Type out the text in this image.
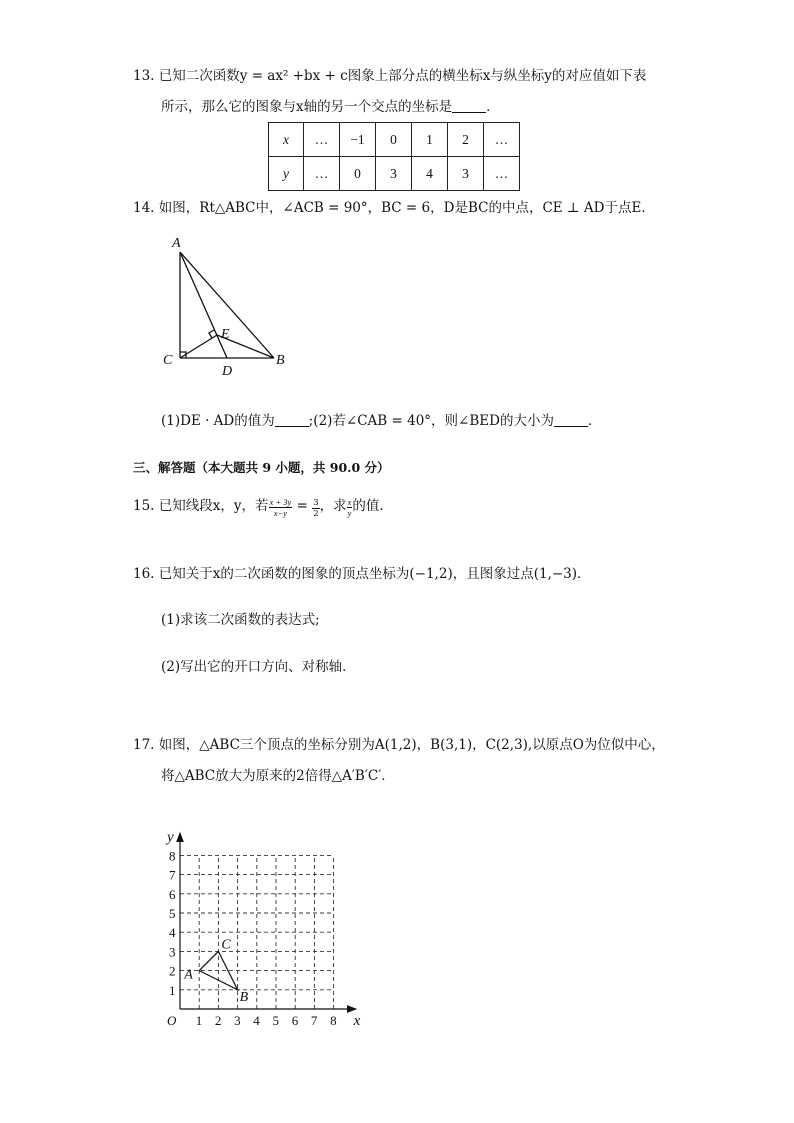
13. 已知二次函数y = ax² +bx + c图象上部分点的横坐标x与纵坐标y的对应值如下表
所示，那么它的图象与x轴的另一个交点的坐标是	．
x	…	−1	0	1	2	…
y	…	0	3	4	3	…
14. 如图，Rt△ABC中，∠ACB = 90°，BC = 6，D是BC的中点，CE ⊥ AD于点E．
A
B
C
D
E
(1)DE · AD的值为	;(2)若∠CAB = 40°，则∠BED的大小为	．
三、解答题（本大题共 9 小题，共 90.0 分）
15. 已知线段x，y，若 $\frac{x + 3y}{x-y} = \frac{3}{2}$ ，求 $\frac{x}{y}$ 的值．
16. 已知关于x的二次函数的图象的顶点坐标为(−1,2)，且图象过点(1,−3)．
(1)求该二次函数的表达式;
(2)写出它的开口方向、对称轴．
17. 如图，△ABC三个顶点的坐标分别为A(1,2)，B(3,1)，C(2,3),以原点O为位似中心，
将△ABC放大为原来的2倍得△A′B′C′．
1 2 3 4 5 6 7 8
1
2
3
4
5
6
7
8
O	x
y
A
B
C
